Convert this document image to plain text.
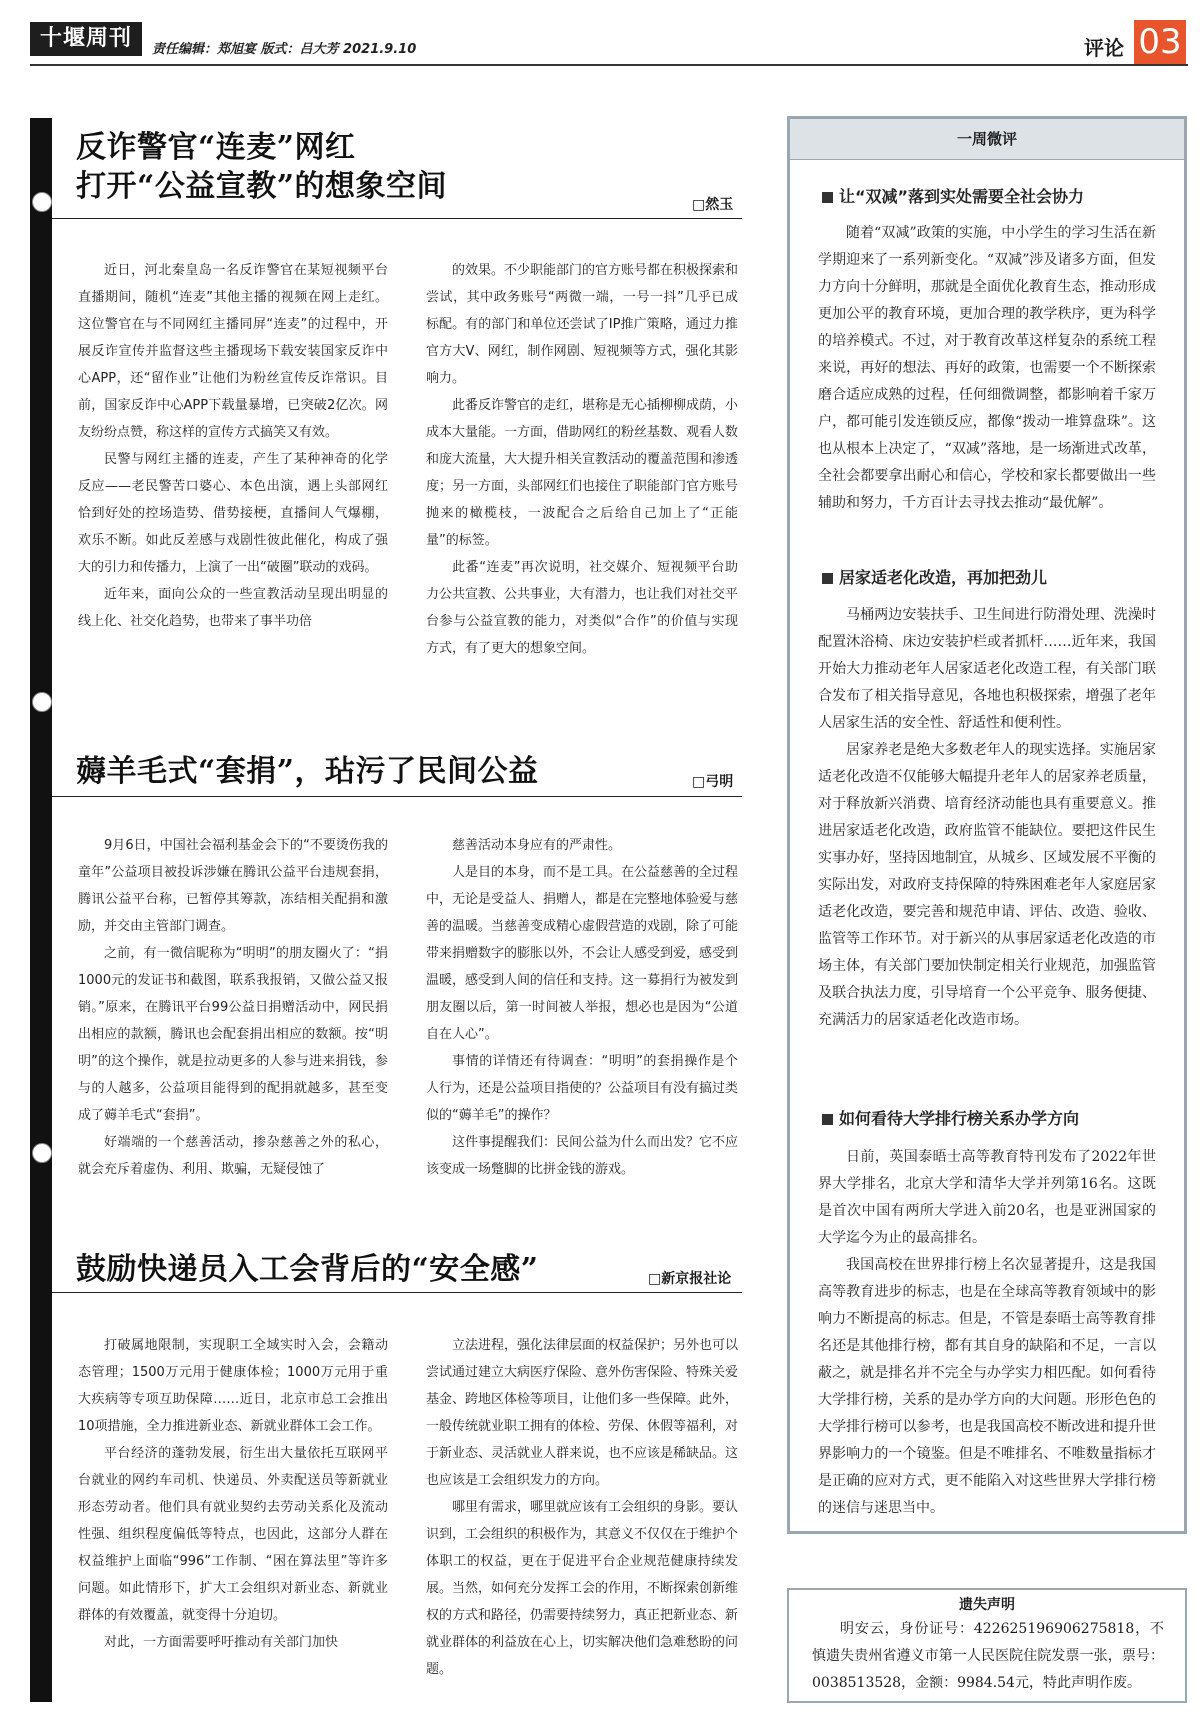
十堰周刊	责任编辑：郑旭宴 版式：吕大芳 2021.9.10	评论 03
反诈警官“连麦”网红
打开“公益宣教”的想象空间
□然玉

近日，河北秦皇岛一名反诈警官在某短视频平台直播期间，随机“连麦”其他主播的视频在网上走红。这位警官在与不同网红主播同屏“连麦”的过程中，开展反诈宣传并监督这些主播现场下载安装国家反诈中心APP，还“留作业”让他们为粉丝宣传反诈常识。目前，国家反诈中心APP下载量暴增，已突破2亿次。网友纷纷点赞，称这样的宣传方式搞笑又有效。

民警与网红主播的连麦，产生了某种神奇的化学反应——老民警苦口婆心、本色出演，遇上头部网红恰到好处的控场造势、借势接梗，直播间人气爆棚，欢乐不断。如此反差感与戏剧性彼此催化，构成了强大的引力和传播力，上演了一出“破圈”联动的戏码。

近年来，面向公众的一些宣教活动呈现出明显的线上化、社交化趋势，也带来了事半功倍

的效果。不少职能部门的官方账号都在积极探索和尝试，其中政务账号“两微一端，一号一抖”几乎已成标配。有的部门和单位还尝试了IP推广策略，通过力推官方大V、网红，制作网剧、短视频等方式，强化其影响力。

此番反诈警官的走红，堪称是无心插柳柳成荫，小成本大量能。一方面，借助网红的粉丝基数、观看人数和庞大流量，大大提升相关宣教活动的覆盖范围和渗透度；另一方面，头部网红们也接住了职能部门官方账号抛来的橄榄枝，一波配合之后给自己加上了“正能量”的标签。

此番“连麦”再次说明，社交媒介、短视频平台助力公共宣教、公共事业，大有潜力，也让我们对社交平台参与公益宣教的能力，对类似“合作”的价值与实现方式，有了更大的想象空间。

薅羊毛式“套捐”，玷污了民间公益	□弓明

9月6日，中国社会福利基金会下的“不要烫伤我的童年”公益项目被投诉涉嫌在腾讯公益平台违规套捐，腾讯公益平台称，已暂停其筹款，冻结相关配捐和激励，并交由主管部门调查。

之前，有一微信昵称为“明明”的朋友圈火了：“捐1000元的发证书和截图，联系我报销，又做公益又报销。”原来，在腾讯平台99公益日捐赠活动中，网民捐出相应的款额，腾讯也会配套捐出相应的数额。按“明明”的这个操作，就是拉动更多的人参与进来捐钱，参与的人越多，公益项目能得到的配捐就越多，甚至变成了薅羊毛式“套捐”。

好端端的一个慈善活动，掺杂慈善之外的私心，就会充斥着虚伪、利用、欺骗，无疑侵蚀了

慈善活动本身应有的严肃性。

人是目的本身，而不是工具。在公益慈善的全过程中，无论是受益人、捐赠人，都是在完整地体验爱与慈善的温暖。当慈善变成精心虚假营造的戏剧，除了可能带来捐赠数字的膨胀以外，不会让人感受到爱，感受到温暖，感受到人间的信任和支持。这一募捐行为被发到朋友圈以后，第一时间被人举报，想必也是因为“公道自在人心”。

事情的详情还有待调查：“明明”的套捐操作是个人行为，还是公益项目指使的？公益项目有没有搞过类似的“薅羊毛”的操作？

这件事提醒我们：民间公益为什么而出发？它不应该变成一场蹩脚的比拼金钱的游戏。

鼓励快递员入工会背后的“安全感”	□新京报社论

打破属地限制，实现职工全域实时入会，会籍动态管理；1500万元用于健康体检；1000万元用于重大疾病等专项互助保障……近日，北京市总工会推出10项措施，全力推进新业态、新就业群体工会工作。

平台经济的蓬勃发展，衍生出大量依托互联网平台就业的网约车司机、快递员、外卖配送员等新就业形态劳动者。他们具有就业契约去劳动关系化及流动性强、组织程度偏低等特点，也因此，这部分人群在权益维护上面临“996”工作制、“困在算法里”等许多问题。如此情形下，扩大工会组织对新业态、新就业群体的有效覆盖，就变得十分迫切。

对此，一方面需要呼吁推动有关部门加快

立法进程，强化法律层面的权益保护；另外也可以尝试通过建立大病医疗保险、意外伤害保险、特殊关爱基金、跨地区体检等项目，让他们多一些保障。此外，一般传统就业职工拥有的体检、劳保、休假等福利，对于新业态、灵活就业人群来说，也不应该是稀缺品。这也应该是工会组织发力的方向。

哪里有需求，哪里就应该有工会组织的身影。要认识到，工会组织的积极作为，其意义不仅仅在于维护个体职工的权益，更在于促进平台企业规范健康持续发展。当然，如何充分发挥工会的作用，不断探索创新维权的方式和路径，仍需要持续努力，真正把新业态、新就业群体的利益放在心上，切实解决他们急难愁盼的问题。

一周微评
让“双减”落到实处需要全社会协力

随着“双减”政策的实施，中小学生的学习生活在新学期迎来了一系列新变化。“双减”涉及诸多方面，但发力方向十分鲜明，那就是全面优化教育生态，推动形成更加公平的教育环境，更加合理的教学秩序，更为科学的培养模式。不过，对于教育改革这样复杂的系统工程来说，再好的想法、再好的政策，也需要一个不断探索磨合适应成熟的过程，任何细微调整，都影响着千家万户，都可能引发连锁反应，都像“拨动一堆算盘珠”。这也从根本上决定了，“双减”落地，是一场渐进式改革，全社会都要拿出耐心和信心，学校和家长都要做出一些辅助和努力，千方百计去寻找去推动“最优解”。

居家适老化改造，再加把劲儿

马桶两边安装扶手、卫生间进行防滑处理、洗澡时配置沐浴椅、床边安装护栏或者抓杆……近年来，我国开始大力推动老年人居家适老化改造工程，有关部门联合发布了相关指导意见，各地也积极探索，增强了老年人居家生活的安全性、舒适性和便利性。

居家养老是绝大多数老年人的现实选择。实施居家适老化改造不仅能够大幅提升老年人的居家养老质量，对于释放新兴消费、培育经济动能也具有重要意义。推进居家适老化改造，政府监管不能缺位。要把这件民生实事办好，坚持因地制宜，从城乡、区域发展不平衡的实际出发，对政府支持保障的特殊困难老年人家庭居家适老化改造，要完善和规范申请、评估、改造、验收、监管等工作环节。对于新兴的从事居家适老化改造的市场主体，有关部门要加快制定相关行业规范，加强监管及联合执法力度，引导培育一个公平竞争、服务便捷、充满活力的居家适老化改造市场。

如何看待大学排行榜关系办学方向

日前，英国泰晤士高等教育特刊发布了2022年世界大学排名，北京大学和清华大学并列第16名。这既是首次中国有两所大学进入前20名，也是亚洲国家的大学迄今为止的最高排名。

我国高校在世界排行榜上名次显著提升，这是我国高等教育进步的标志，也是在全球高等教育领域中的影响力不断提高的标志。但是，不管是泰晤士高等教育排名还是其他排行榜，都有其自身的缺陷和不足，一言以蔽之，就是排名并不完全与办学实力相匹配。如何看待大学排行榜，关系的是办学方向的大问题。形形色色的大学排行榜可以参考，也是我国高校不断改进和提升世界影响力的一个镜鉴。但是不唯排名、不唯数量指标才是正确的应对方式，更不能陷入对这些世界大学排行榜的迷信与迷思当中。

遗失声明

明安云，身份证号：422625196906275818，不慎遗失贵州省遵义市第一人民医院住院发票一张，票号：0038513528，金额：9984.54元，特此声明作废。
